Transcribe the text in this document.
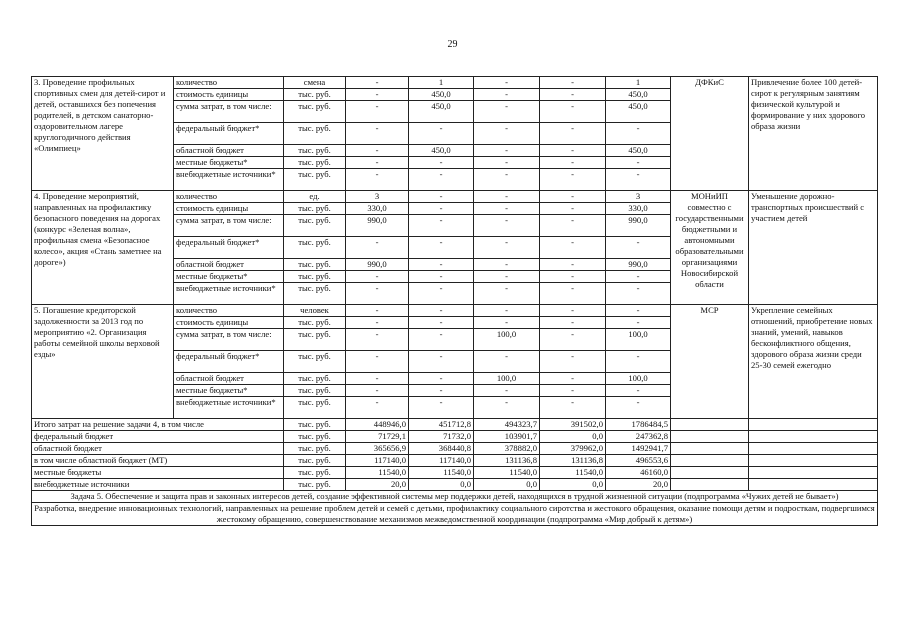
29
3. Проведение профильных спортивных смен для детей-сирот и детей, оставшихся без попечения родителей, в детском санаторно-оздоровительном лагере круглогодичного действия «Олимпиец»	количество	смена	-	1	-	-	1	ДФКиС	Привлечение более 100 детей-сирот к регулярным занятиям физической культурой и формирование у них здорового образа жизни
	стоимость единицы	тыс. руб.	-	450,0	-	-	450,0		
	сумма затрат, в том числе:	тыс. руб.	-	450,0	-	-	450,0		
	федеральный бюджет*	тыс. руб.	-	-	-	-	-		
	областной бюджет	тыс. руб.	-	450,0	-	-	450,0		
	местные бюджеты*	тыс. руб.	-	-	-	-	-		
	внебюджетные источники*	тыс. руб.	-	-	-	-	-		
4. Проведение мероприятий, направленных на профилактику безопасного поведения на дорогах (конкурс «Зеленая волна», профильная смена «Безопасное колесо», акция «Стань заметнее на дороге»)	количество	ед.	3	-	-	-	3	МОНиИП совместно с государственными бюджетными и автономными образовательными организациями Новосибирской области	Уменьшение дорожно-транспортных происшествий с участием детей
	стоимость единицы	тыс. руб.	330,0	-	-	-	330,0		
	сумма затрат, в том числе:	тыс. руб.	990,0	-	-	-	990,0		
	федеральный бюджет*	тыс. руб.	-	-	-	-	-		
	областной бюджет	тыс. руб.	990,0	-	-	-	990,0		
	местные бюджеты*	тыс. руб.	-	-	-	-	-		
	внебюджетные источники*	тыс. руб.	-	-	-	-	-		
5. Погашение кредиторской задолженности за 2013 год по мероприятию «2. Организация работы семейной школы верховой езды»	количество	человек	-	-	-	-	-	МСР	Укрепление семейных отношений, приобретение новых знаний, умений, навыков бесконфликтного общения, здорового образа жизни среди 25-30 семей ежегодно
	стоимость единицы	тыс. руб.	-	-	-	-	-		
	сумма затрат, в том числе:	тыс. руб.	-	-	100,0	-	100,0		
	федеральный бюджет*	тыс. руб.	-	-	-	-	-		
	областной бюджет	тыс. руб.	-	-	100,0	-	100,0		
	местные бюджеты*	тыс. руб.	-	-	-	-	-		
	внебюджетные источники*	тыс. руб.	-	-	-	-	-		
Итого затрат на решение задачи 4, в том числе		тыс. руб.	448946,0	451712,8	494323,7	391502,0	1786484,5		
федеральный бюджет		тыс. руб.	71729,1	71732,0	103901,7	0,0	247362,8		
областной бюджет		тыс. руб.	365656,9	368440,8	378882,0	379962,0	1492941,7		
в том числе областной бюджет (МТ)		тыс. руб.	117140,0	117140,0	131136,8	131136,8	496553,6		
местные бюджеты		тыс. руб.	11540,0	11540,0	11540,0	11540,0	46160,0		
внебюджетные источники		тыс. руб.	20,0	0,0	0,0	0,0	20,0		
Задача 5. Обеспечение и защита прав и законных интересов детей, создание эффективной системы мер поддержки детей, находящихся в трудной жизненной ситуации (подпрограмма «Чужих детей не бывает»)									
Разработка, внедрение инновационных технологий, направленных на решение проблем детей и семей с детьми, профилактику социального сиротства и жестокого обращения, оказание помощи детям и подросткам, подвергшимся жестокому обращению, совершенствование механизмов межведомственной координации (подпрограмма «Мир добрый к детям»)									
